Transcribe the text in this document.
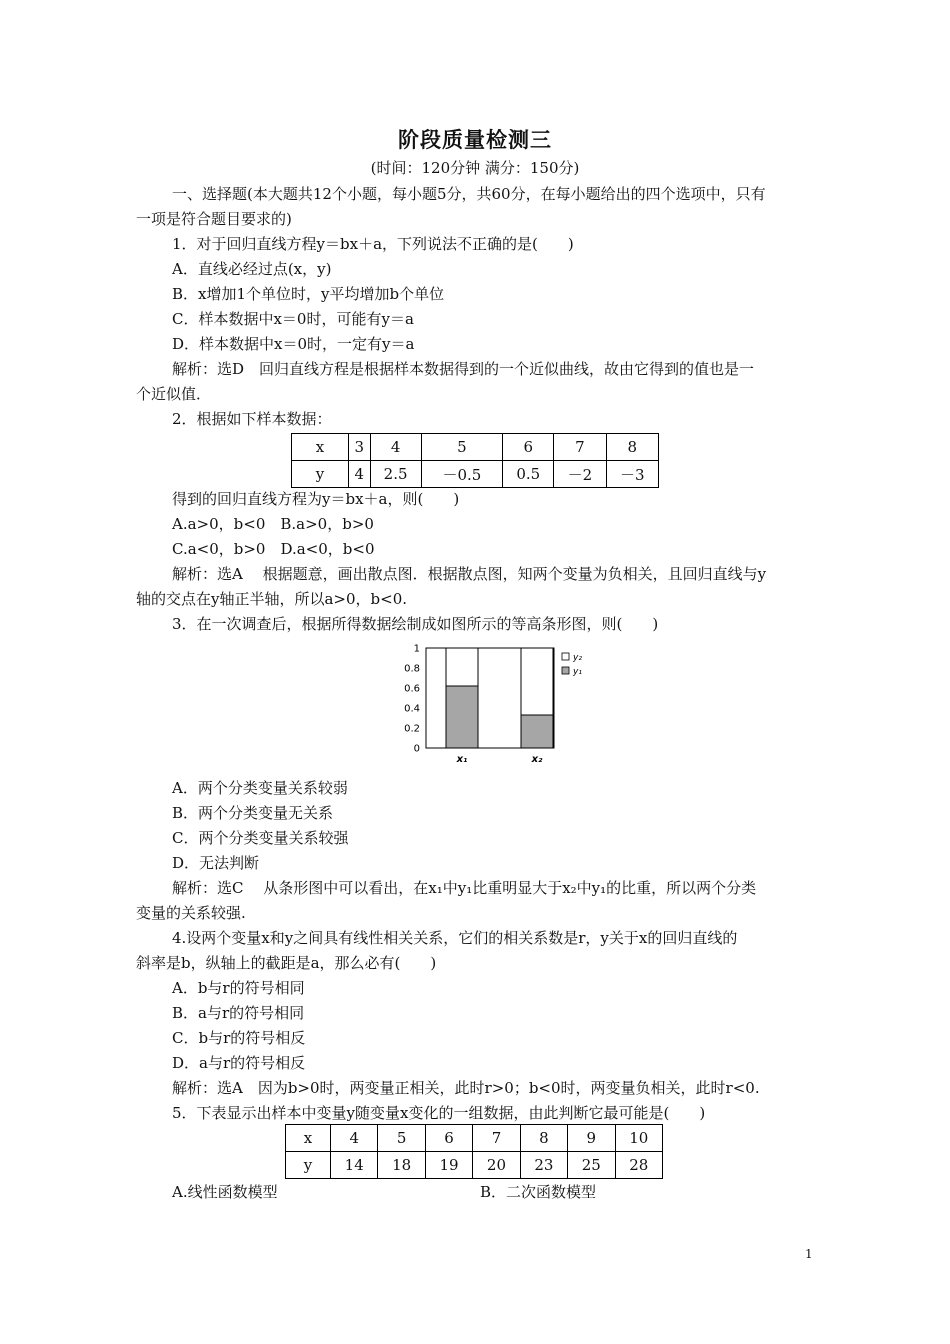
阶段质量检测三
(时间：120分钟 满分：150分)
一、选择题(本大题共12个小题，每小题5分，共60分，在每小题给出的四个选项中，只有
一项是符合题目要求的)
1．对于回归直线方程y＝bx＋a，下列说法不正确的是(　　)
A．直线必经过点(x，y)
B．x增加1个单位时，y平均增加b个单位
C．样本数据中x＝0时，可能有y＝a
D．样本数据中x＝0时，一定有y＝a
解析：选D　回归直线方程是根据样本数据得到的一个近似曲线，故由它得到的值也是一
个近似值．
2．根据如下样本数据：
x	3	4	5	6	7	8
y	4	2.5	－0.5	0.5	－2	－3
得到的回归直线方程为y＝bx＋a，则(　　)
A.a>0，b<0　B.a>0，b>0
C.a<0，b>0　D.a<0，b<0
解析：选A　 根据题意，画出散点图．根据散点图，知两个变量为负相关，且回归直线与y
轴的交点在y轴正半轴，所以a>0，b<0.
3．在一次调查后，根据所得数据绘制成如图所示的等高条形图，则(　　)
0
0.2
0.4
0.6
0.8
1
x₁	x₂
y₂
y₁
A．两个分类变量关系较弱
B．两个分类变量无关系
C．两个分类变量关系较强
D．无法判断
解析：选C　 从条形图中可以看出，在x₁中y₁比重明显大于x₂中y₁的比重，所以两个分类
变量的关系较强.
4.设两个变量x和y之间具有线性相关关系，它们的相关系数是r，y关于x的回归直线的
斜率是b，纵轴上的截距是a，那么必有(　　)
A．b与r的符号相同
B．a与r的符号相同
C．b与r的符号相反
D．a与r的符号相反
解析：选A　因为b>0时，两变量正相关，此时r>0；b<0时，两变量负相关，此时r<0.
5．下表显示出样本中变量y随变量x变化的一组数据，由此判断它最可能是(　　)
x	4	5	6	7	8	9	10
y	14	18	19	20	23	25	28
A.线性函数模型	B．二次函数模型
1
